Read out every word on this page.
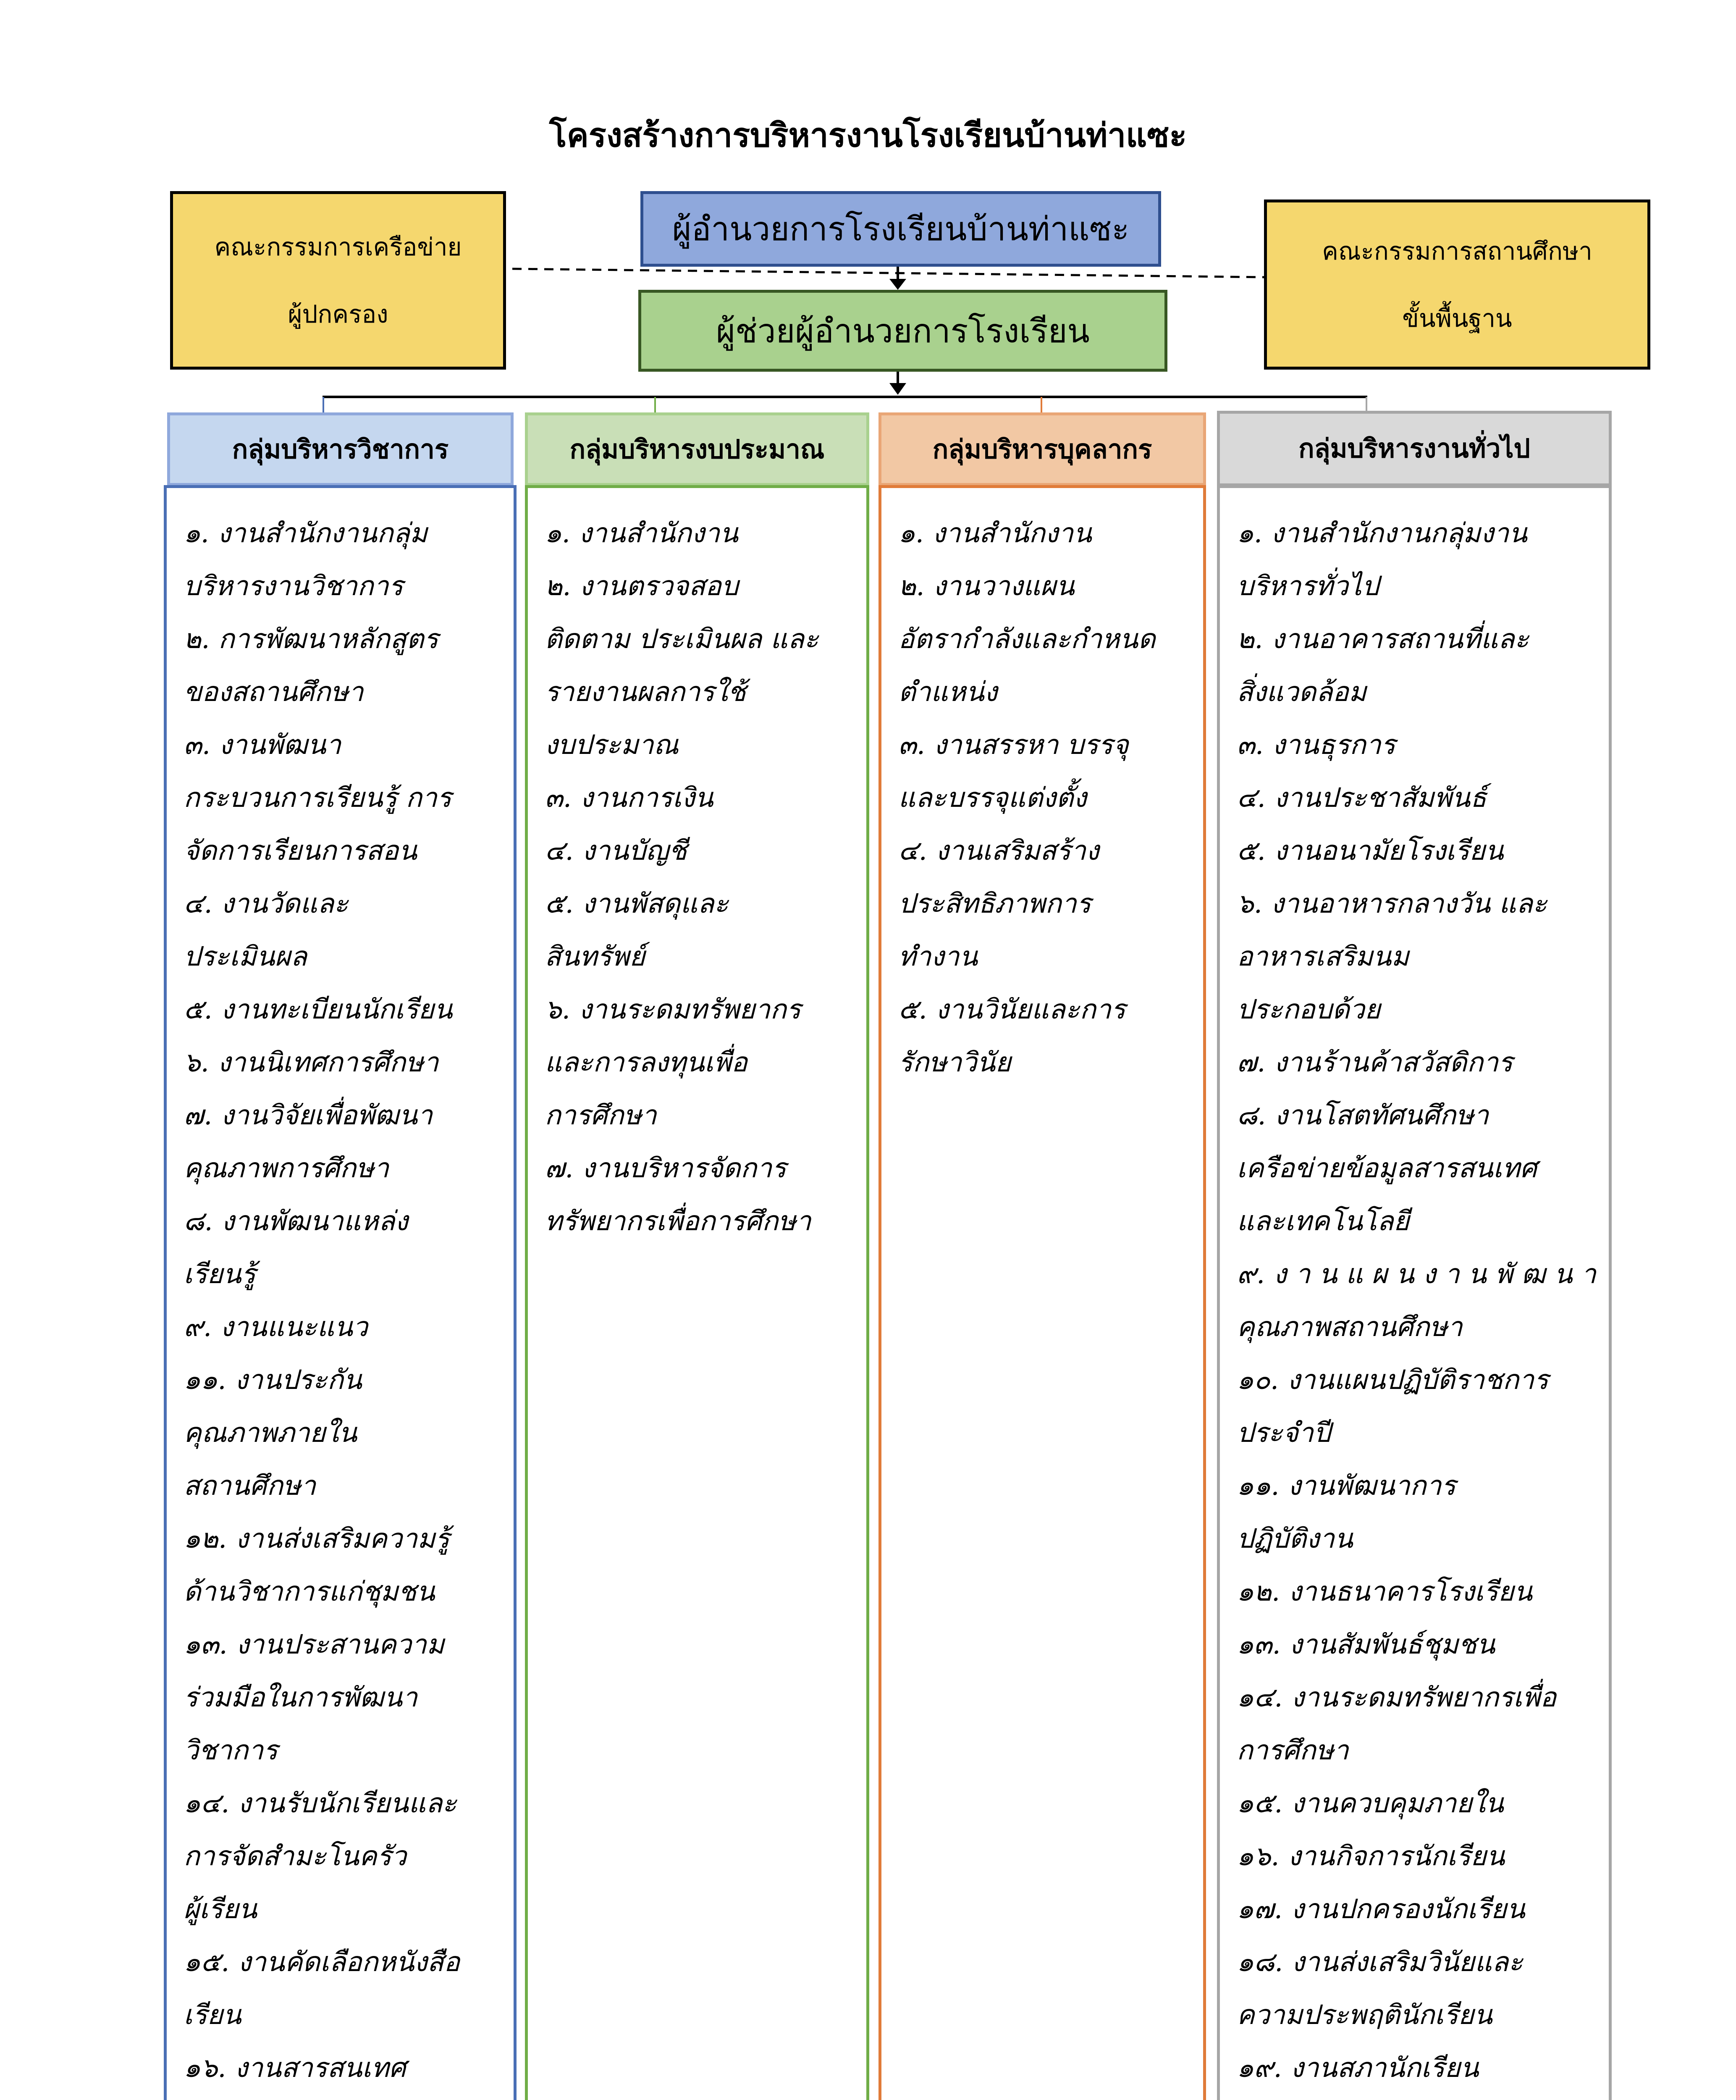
โครงสร้างการบริหารงานโรงเรียนบ้านท่าแซะ
คณะกรรมการเครือข่าย
ผู้ปกครอง
ผู้อำนวยการโรงเรียนบ้านท่าแซะ
ผู้ช่วยผู้อำนวยการโรงเรียน
คณะกรรมการสถานศึกษา
ขั้นพื้นฐาน
กลุ่มบริหารวิชาการ	กลุ่มบริหารงบประมาณ	กลุ่มบริหารบุคลากร	กลุ่มบริหารงานทั่วไป
๑. งานสำนักงานกลุ่ม
บริหารงานวิชาการ
๒. การพัฒนาหลักสูตร
ของสถานศึกษา
๓. งานพัฒนา
กระบวนการเรียนรู้ การ
จัดการเรียนการสอน
๔. งานวัดและ
ประเมินผล
๕. งานทะเบียนนักเรียน
๖. งานนิเทศการศึกษา
๗. งานวิจัยเพื่อพัฒนา
คุณภาพการศึกษา
๘. งานพัฒนาแหล่ง
เรียนรู้
๙. งานแนะแนว
๑๑. งานประกัน
คุณภาพภายใน
สถานศึกษา
๑๒. งานส่งเสริมความรู้
ด้านวิชาการแก่ชุมชน
๑๓. งานประสานความ
ร่วมมือในการพัฒนา
วิชาการ
๑๔. งานรับนักเรียนและ
การจัดสำมะโนครัว
ผู้เรียน
๑๕. งานคัดเลือกหนังสือ
เรียน
๑๖. งานสารสนเทศ
๑. งานสำนักงาน
๒. งานตรวจสอบ
ติดตาม ประเมินผล และ
รายงานผลการใช้
งบประมาณ
๓. งานการเงิน
๔. งานบัญชี
๕. งานพัสดุและ
สินทรัพย์
๖. งานระดมทรัพยากร
และการลงทุนเพื่อ
การศึกษา
๗. งานบริหารจัดการ
ทรัพยากรเพื่อการศึกษา
๑. งานสำนักงาน
๒. งานวางแผน
อัตรากำลังและกำหนด
ตำแหน่ง
๓. งานสรรหา บรรจุ
และบรรจุแต่งตั้ง
๔. งานเสริมสร้าง
ประสิทธิภาพการ
ทำงาน
๕. งานวินัยและการ
รักษาวินัย
๑. งานสำนักงานกลุ่มงาน
บริหารทั่วไป
๒. งานอาคารสถานที่และ
สิ่งแวดล้อม
๓. งานธุรการ
๔. งานประชาสัมพันธ์
๕. งานอนามัยโรงเรียน
๖. งานอาหารกลางวัน และ
อาหารเสริมนม
ประกอบด้วย
๗. งานร้านค้าสวัสดิการ
๘. งานโสตทัศนศึกษา
เครือข่ายข้อมูลสารสนเทศ
และเทคโนโลยี
๙. ง า น แ ผ น ง า น พั ฒ น า
คุณภาพสถานศึกษา
๑๐. งานแผนปฏิบัติราชการ
ประจำปี
๑๑. งานพัฒนาการ
ปฏิบัติงาน
๑๒. งานธนาคารโรงเรียน
๑๓. งานสัมพันธ์ชุมชน
๑๔. งานระดมทรัพยากรเพื่อ
การศึกษา
๑๕. งานควบคุมภายใน
๑๖. งานกิจการนักเรียน
๑๗. งานปกครองนักเรียน
๑๘. งานส่งเสริมวินัยและ
ความประพฤตินักเรียน
๑๙. งานสภานักเรียน
